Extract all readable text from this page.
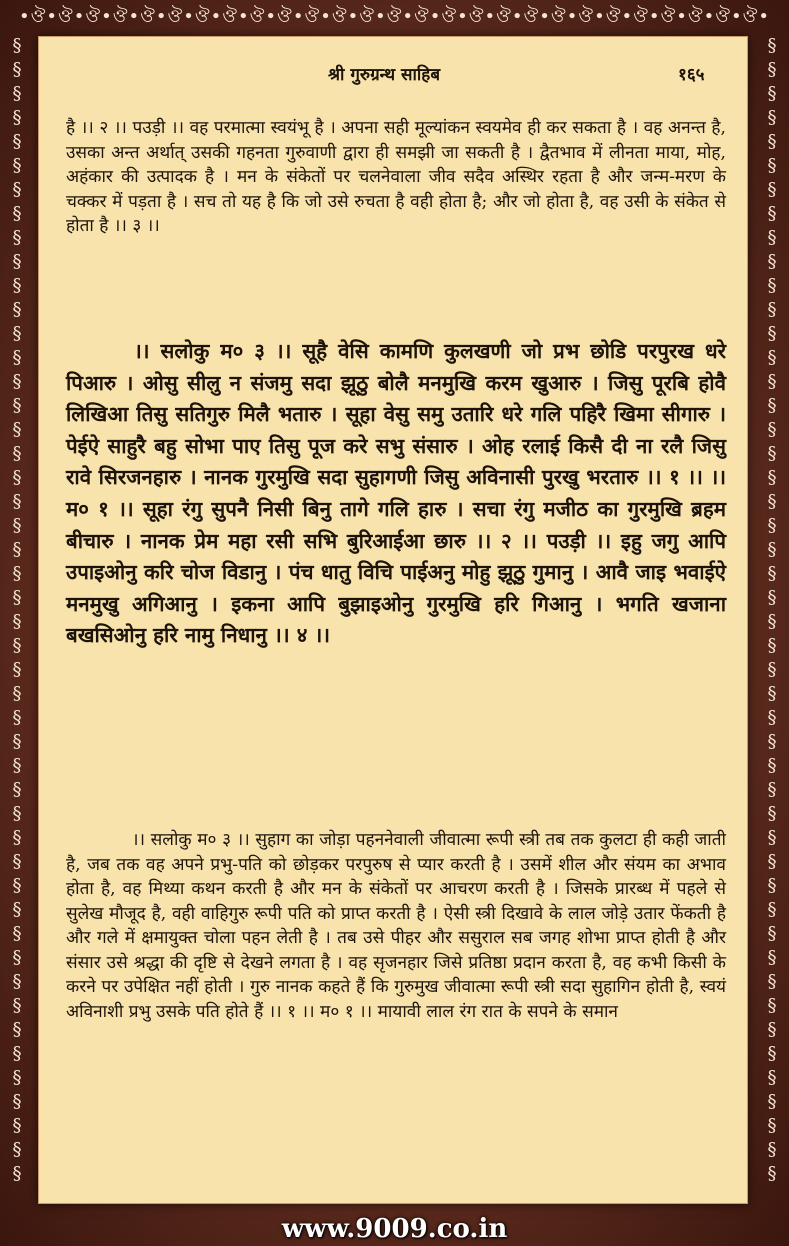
•ঔ•ঔ•ঔ•ঔ•ঔ•ঔ•ঔ•ঔ•ঔ•ঔ•ঔ•ঔ•ঔ•ঔ•ঔ•ঔ•ঔ•ঔ•ঔ•ঔ•ঔ•ঔ•ঔ•ঔ•ঔ•ঔ•ঔ•
§
§
§
§
§
§
§
§
§
§
§
§
§
§
§
§
§
§
§
§
§
§
§
§
§
§
§
§
§
§
§
§
§
§
§
§
§
§
§
§
§
§
§
§
§
§
§
§
§
§
§
§
§
§
§
§
§
§
§
§
§
§
§
§
§
§
§
§
§
§
§
§
§
§
§
§
§
§
§
§
§
§
§
§
§
§
§
§
§
§
§
§
§
§
§
§
श्री गुरुग्रन्थ साहिब	१६५
है ।। २ ।। पउड़ी ।। वह परमात्मा स्वयंभू है । अपना सही मूल्यांकन स्वयमेव ही कर सकता है । वह अनन्त है, उसका अन्त अर्थात् उसकी गहनता गुरुवाणी द्वारा ही समझी जा सकती है । द्वैतभाव में लीनता माया, मोह, अहंकार की उत्पादक है । मन के संकेतों पर चलनेवाला जीव सदैव अस्थिर रहता है और जन्म-मरण के चक्कर में पड़ता है । सच तो यह है कि जो उसे रुचता है वही होता है; और जो होता है, वह उसी के संकेत से होता है ।। ३ ।।
।। सलोकु म० ३ ।। सूहै वेसि कामणि कुलखणी जो प्रभ छोडि परपुरख धरे पिआरु । ओसु सीलु न संजमु सदा झूठु बोलै मनमुखि करम खुआरु । जिसु पूरबि होवै लिखिआ तिसु सतिगुरु मिलै भतारु । सूहा वेसु समु उतारि धरे गलि पहिरै खिमा सीगारु । पेईऐ साहुरै बहु सोभा पाए तिसु पूज करे सभु संसारु । ओह रलाई किसै दी ना रलै जिसु रावे सिरजनहारु । नानक गुरमुखि सदा सुहागणी जिसु अविनासी पुरखु भरतारु ।। १ ।। ।। म० १ ।। सूहा रंगु सुपनै निसी बिनु तागे गलि हारु । सचा रंगु मजीठ का गुरमुखि ब्रहम बीचारु । नानक प्रेम महा रसी सभि बुरिआईआ छारु ।। २ ।। पउड़ी ।। इहु जगु आपि उपाइओनु करि चोज विडानु । पंच धातु विचि पाईअनु मोहु झूठु गुमानु । आवै जाइ भवाईऐ मनमुखु अगिआनु । इकना आपि बुझाइओनु गुरमुखि हरि गिआनु । भगति खजाना बखसिओनु हरि नामु निधानु ।। ४ ।।
।। सलोकु म० ३ ।। सुहाग का जोड़ा पहननेवाली जीवात्मा रूपी स्त्री तब तक कुलटा ही कही जाती है, जब तक वह अपने प्रभु-पति को छोड़कर परपुरुष से प्यार करती है । उसमें शील और संयम का अभाव होता है, वह मिथ्या कथन करती है और मन के संकेतों पर आचरण करती है । जिसके प्रारब्ध में पहले से सुलेख मौजूद है, वही वाहिगुरु रूपी पति को प्राप्त करती है । ऐसी स्त्री दिखावे के लाल जोड़े उतार फेंकती है और गले में क्षमायुक्त चोला पहन लेती है । तब उसे पीहर और ससुराल सब जगह शोभा प्राप्त होती है और संसार उसे श्रद्धा की दृष्टि से देखने लगता है । वह सृजनहार जिसे प्रतिष्ठा प्रदान करता है, वह कभी किसी के करने पर उपेक्षित नहीं होती । गुरु नानक कहते हैं कि गुरुमुख जीवात्मा रूपी स्त्री सदा सुहागिन होती है, स्वयं अविनाशी प्रभु उसके पति होते हैं ।। १ ।। म० १ ।। मायावी लाल रंग रात के सपने के समान
www.9009.co.in
